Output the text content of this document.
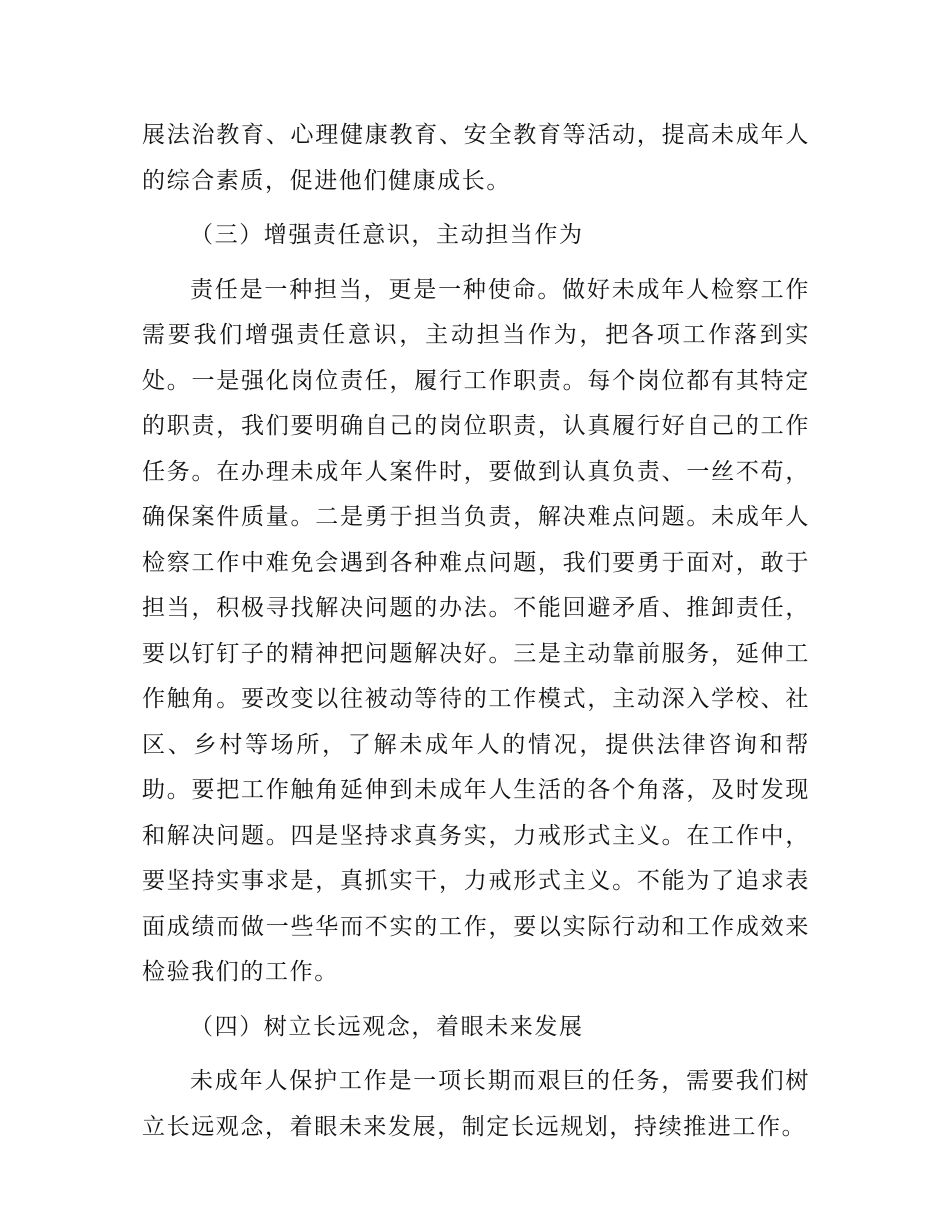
展法治教育、心理健康教育、安全教育等活动，提高未成年人的综合素质，促进他们健康成长。

（三）增强责任意识，主动担当作为

责任是一种担当，更是一种使命。做好未成年人检察工作需要我们增强责任意识，主动担当作为，把各项工作落到实处。一是强化岗位责任，履行工作职责。每个岗位都有其特定的职责，我们要明确自己的岗位职责，认真履行好自己的工作任务。在办理未成年人案件时，要做到认真负责、一丝不苟，确保案件质量。二是勇于担当负责，解决难点问题。未成年人检察工作中难免会遇到各种难点问题，我们要勇于面对，敢于担当，积极寻找解决问题的办法。不能回避矛盾、推卸责任，要以钉钉子的精神把问题解决好。三是主动靠前服务，延伸工作触角。要改变以往被动等待的工作模式，主动深入学校、社区、乡村等场所，了解未成年人的情况，提供法律咨询和帮助。要把工作触角延伸到未成年人生活的各个角落，及时发现和解决问题。四是坚持求真务实，力戒形式主义。在工作中，要坚持实事求是，真抓实干，力戒形式主义。不能为了追求表面成绩而做一些华而不实的工作，要以实际行动和工作成效来检验我们的工作。

（四）树立长远观念，着眼未来发展

未成年人保护工作是一项长期而艰巨的任务，需要我们树立长远观念，着眼未来发展，制定长远规划，持续推进工作。
